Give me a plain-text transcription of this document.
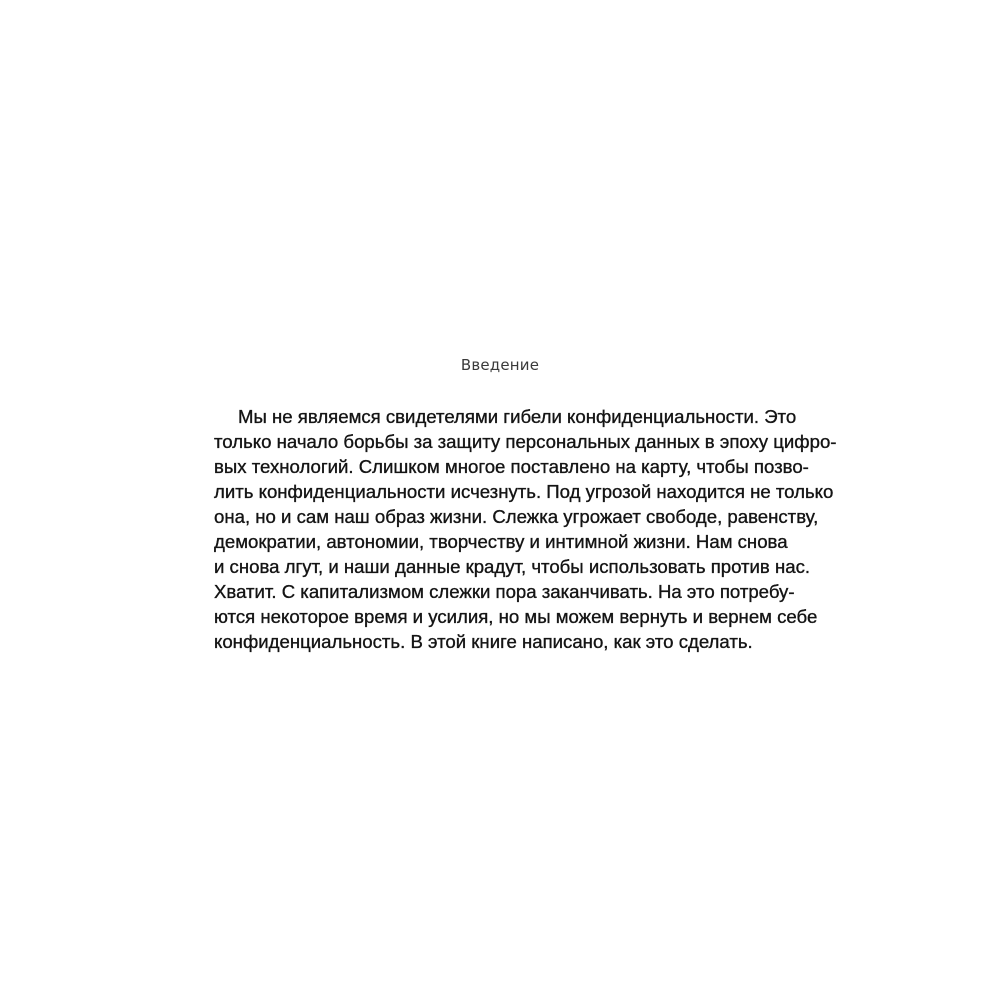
Введение
Мы не являемся свидетелями гибели конфиденциальности. Это
только начало борьбы за защиту персональных данных в эпоху цифро-
вых технологий. Слишком многое поставлено на карту, чтобы позво-
лить конфиденциальности исчезнуть. Под угрозой находится не только
она, но и сам наш образ жизни. Слежка угрожает свободе, равенству,
демократии, автономии, творчеству и интимной жизни. Нам снова
и снова лгут, и наши данные крадут, чтобы использовать против нас.
Хватит. С капитализмом слежки пора заканчивать. На это потребу-
ются некоторое время и усилия, но мы можем вернуть и вернем себе
конфиденциальность. В этой книге написано, как это сделать.
